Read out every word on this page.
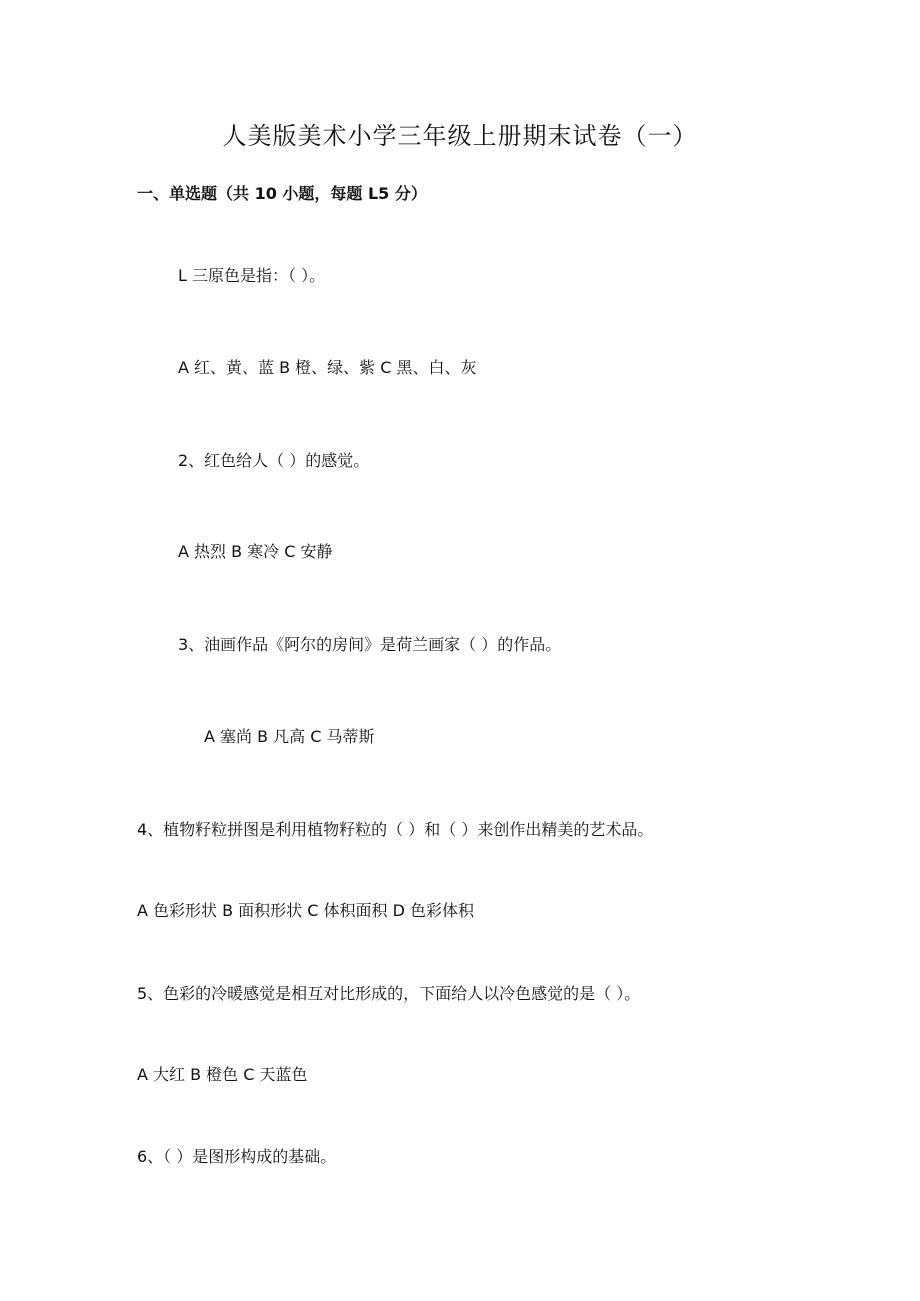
人美版美术小学三年级上册期末试卷（一）
一、单选题（共 10 小题，每题 L5 分）
L 三原色是指：（ ）。
A 红、黄、蓝 B 橙、绿、紫 C 黑、白、灰
2、红色给人（ ）的感觉。
A 热烈 B 寒冷 C 安静
3、油画作品《阿尔的房间》是荷兰画家（ ）的作品。
A 塞尚 B 凡高 C 马蒂斯
4、植物籽粒拼图是利用植物籽粒的（ ）和（ ）来创作出精美的艺术品。
A 色彩形状 B 面积形状 C 体积面积 D 色彩体积
5、色彩的冷暖感觉是相互对比形成的，下面给人以冷色感觉的是（ ）。
A 大红 B 橙色 C 天蓝色
6、（ ）是图形构成的基础。
